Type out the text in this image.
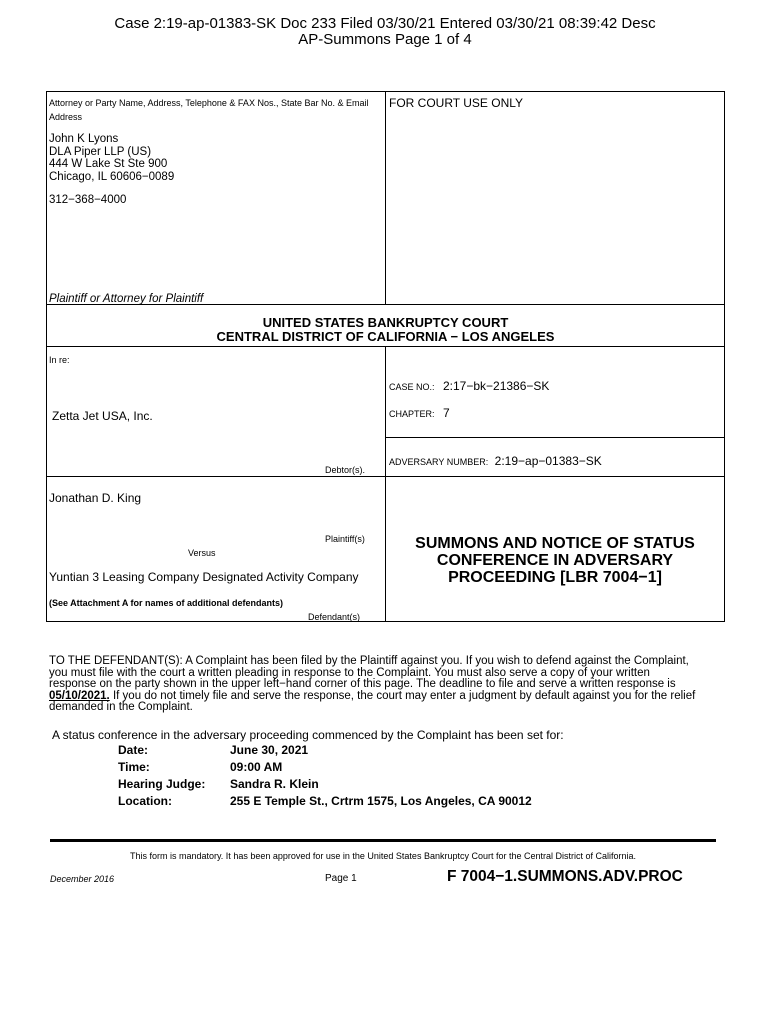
Case 2:19-ap-01383-SK Doc 233 Filed 03/30/21 Entered 03/30/21 08:39:42 Desc
AP-Summons Page 1 of 4
Attorney or Party Name, Address, Telephone & FAX Nos., State Bar No. & Email Address
John K Lyons
DLA Piper LLP (US)
444 W Lake St Ste 900
Chicago, IL 60606−0089
312−368−4000
Plaintiff or Attorney for Plaintiff
FOR COURT USE ONLY
UNITED STATES BANKRUPTCY COURT
CENTRAL DISTRICT OF CALIFORNIA − LOS ANGELES
In re:
Zetta Jet USA, Inc.
Debtor(s).
CASE NO.: 2:17−bk−21386−SK
CHAPTER: 7
ADVERSARY NUMBER: 2:19−ap−01383−SK
Jonathan D. King
Plaintiff(s)
Versus
Yuntian 3 Leasing Company Designated Activity Company
(See Attachment A for names of additional defendants)
Defendant(s)
SUMMONS AND NOTICE OF STATUS
CONFERENCE IN ADVERSARY
PROCEEDING [LBR 7004−1]
TO THE DEFENDANT(S): A Complaint has been filed by the Plaintiff against you. If you wish to defend against the Complaint,
you must file with the court a written pleading in response to the Complaint. You must also serve a copy of your written
response on the party shown in the upper left−hand corner of this page. The deadline to file and serve a written response is
05/10/2021. If you do not timely file and serve the response, the court may enter a judgment by default against you for the relief
demanded in the Complaint.
A status conference in the adversary proceeding commenced by the Complaint has been set for:
Date:	June 30, 2021
Time:	09:00 AM
Hearing Judge: Sandra R. Klein
Location:	255 E Temple St., Crtrm 1575, Los Angeles, CA 90012
This form is mandatory. It has been approved for use in the United States Bankruptcy Court for the Central District of California.
December 2016	Page 1	F 7004−1.SUMMONS.ADV.PROC
